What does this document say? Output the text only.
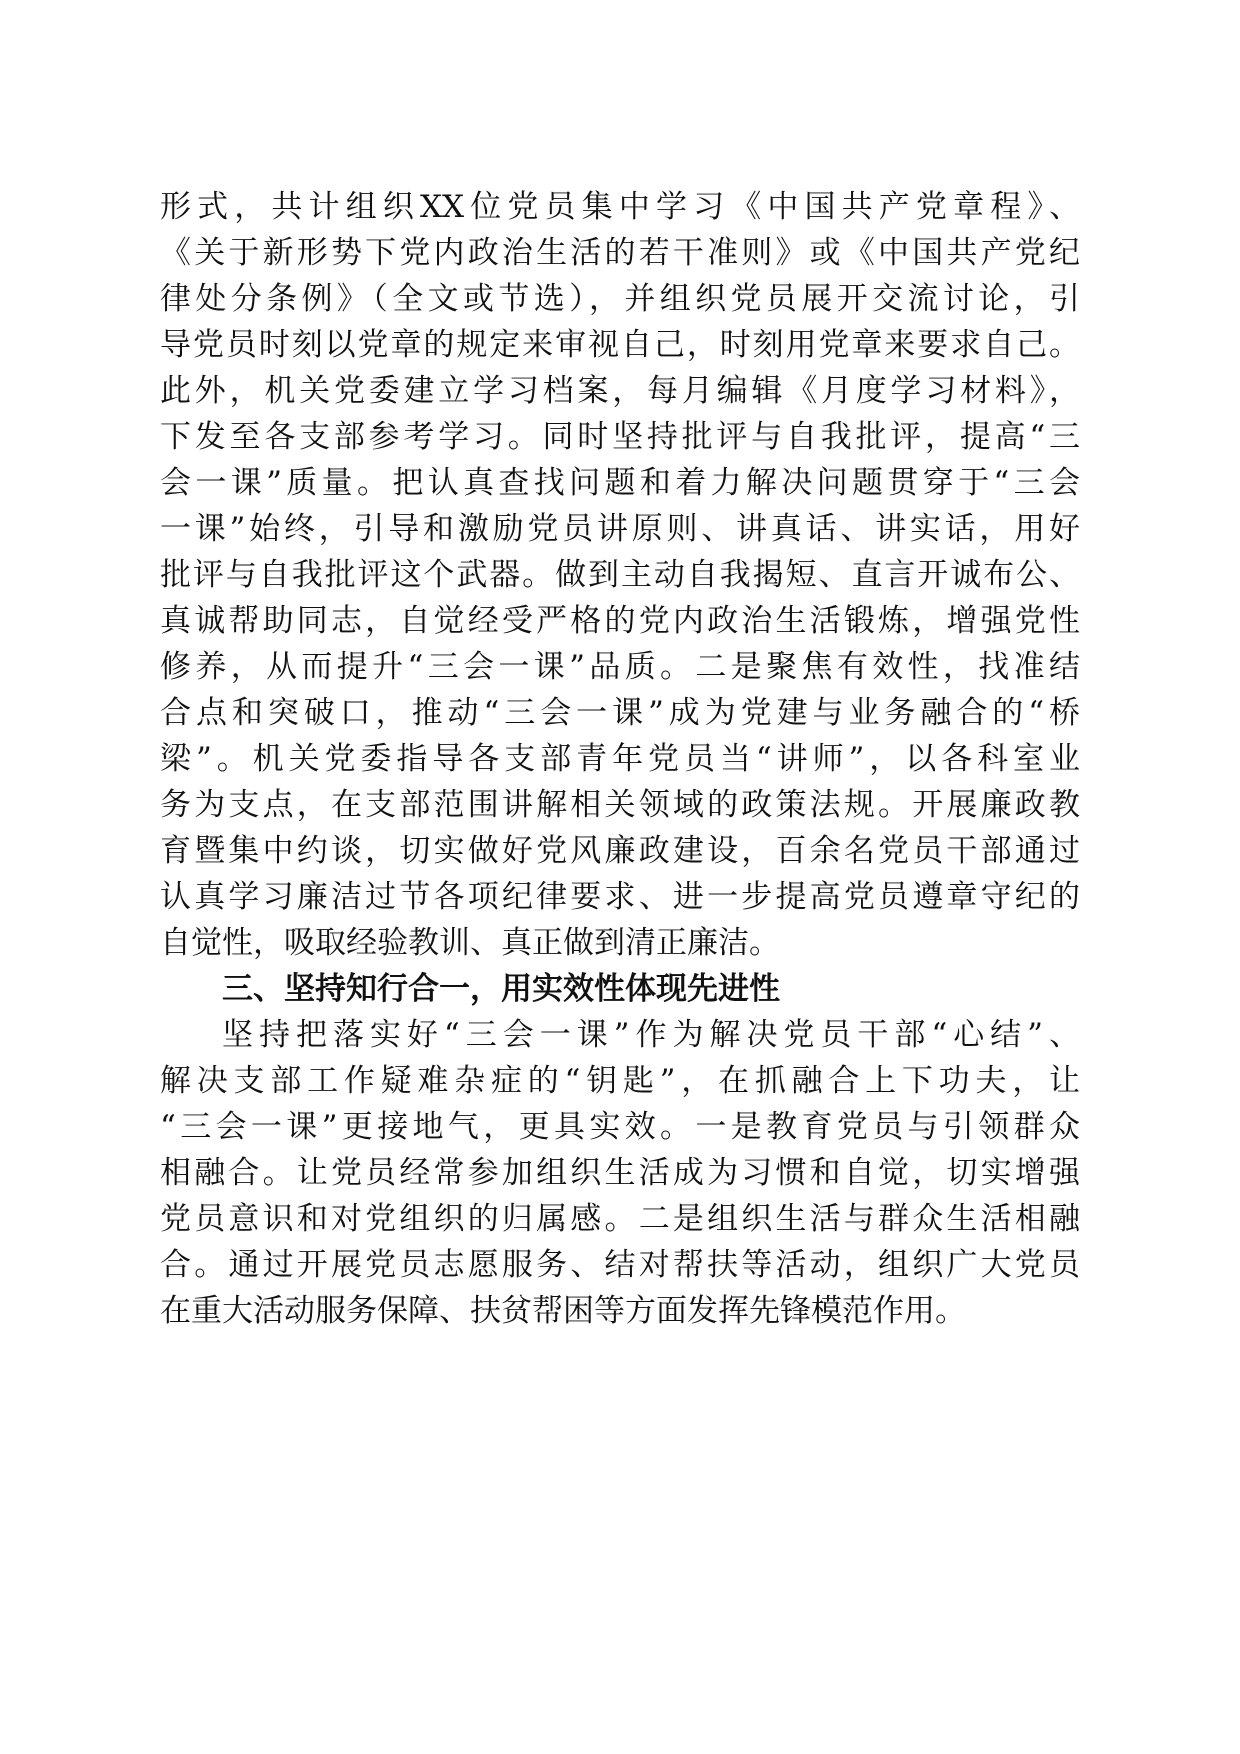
形式，共计组织XX位党员集中学习《中国共产党章程》、
《关于新形势下党内政治生活的若干准则》或《中国共产党纪
律处分条例》（全文或节选），并组织党员展开交流讨论，引
导党员时刻以党章的规定来审视自己，时刻用党章来要求自己。
此外，机关党委建立学习档案，每月编辑《月度学习材料》，
下发至各支部参考学习。同时坚持批评与自我批评，提高“三
会一课”质量。把认真查找问题和着力解决问题贯穿于“三会
一课”始终，引导和激励党员讲原则、讲真话、讲实话，用好
批评与自我批评这个武器。做到主动自我揭短、直言开诚布公、
真诚帮助同志，自觉经受严格的党内政治生活锻炼，增强党性
修养，从而提升“三会一课”品质。二是聚焦有效性，找准结
合点和突破口，推动“三会一课”成为党建与业务融合的“桥
梁”。机关党委指导各支部青年党员当“讲师”，以各科室业
务为支点，在支部范围讲解相关领域的政策法规。开展廉政教
育暨集中约谈，切实做好党风廉政建设，百余名党员干部通过
认真学习廉洁过节各项纪律要求、进一步提高党员遵章守纪的
自觉性，吸取经验教训、真正做到清正廉洁。
三、坚持知行合一，用实效性体现先进性
坚持把落实好“三会一课”作为解决党员干部“心结”、
解决支部工作疑难杂症的“钥匙”，在抓融合上下功夫，让
“三会一课”更接地气，更具实效。一是教育党员与引领群众
相融合。让党员经常参加组织生活成为习惯和自觉，切实增强
党员意识和对党组织的归属感。二是组织生活与群众生活相融
合。通过开展党员志愿服务、结对帮扶等活动，组织广大党员
在重大活动服务保障、扶贫帮困等方面发挥先锋模范作用。
